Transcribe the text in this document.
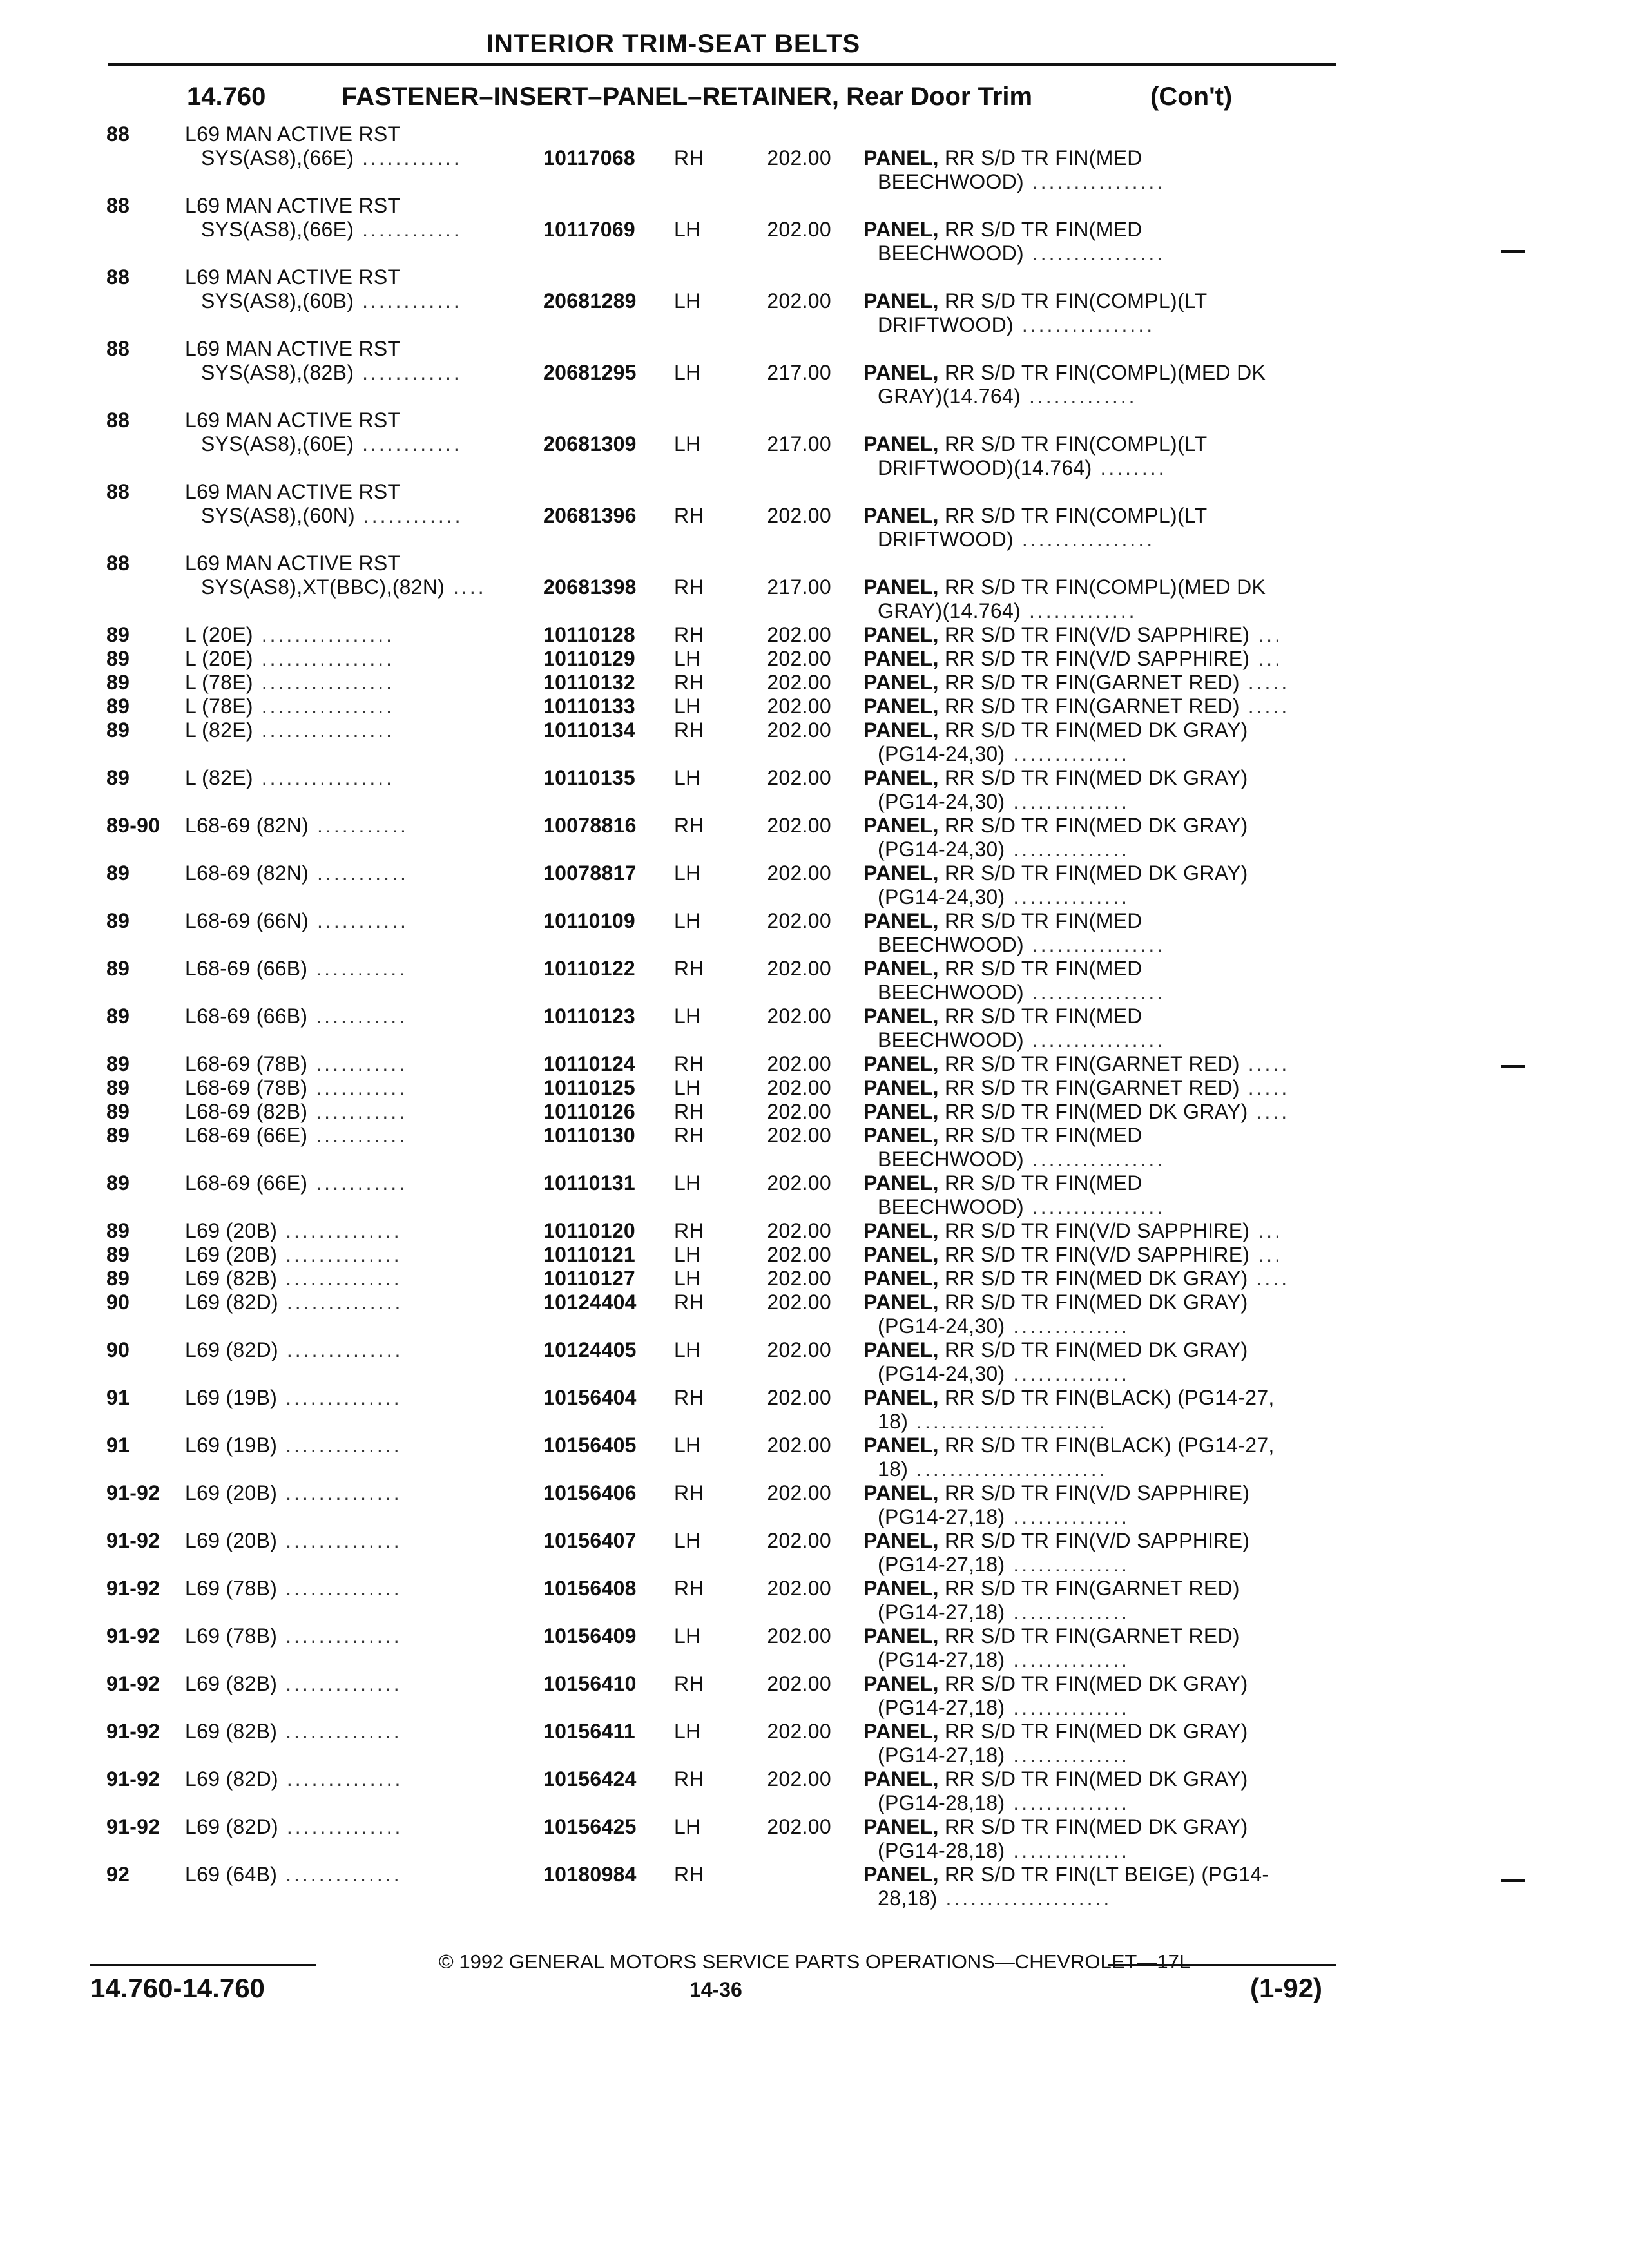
INTERIOR TRIM-SEAT BELTS
14.760	FASTENER–INSERT–PANEL–RETAINER, Rear Door Trim	(Con't)
88	L69 MAN ACTIVE RST
SYS(AS8),(66E) ............	10117068 RH	202.00 PANEL, RR S/D TR FIN(MED
BEECHWOOD) ................
88	L69 MAN ACTIVE RST
SYS(AS8),(66E) ............	10117069 LH	202.00 PANEL, RR S/D TR FIN(MED
BEECHWOOD) ................
88	L69 MAN ACTIVE RST
SYS(AS8),(60B) ............	20681289 LH	202.00 PANEL, RR S/D TR FIN(COMPL)(LT
DRIFTWOOD) ................
88	L69 MAN ACTIVE RST
SYS(AS8),(82B) ............	20681295 LH	217.00 PANEL, RR S/D TR FIN(COMPL)(MED DK
GRAY)(14.764) .............
88	L69 MAN ACTIVE RST
SYS(AS8),(60E) ............	20681309 LH	217.00 PANEL, RR S/D TR FIN(COMPL)(LT
DRIFTWOOD)(14.764) ........
88	L69 MAN ACTIVE RST
SYS(AS8),(60N) ............	20681396 RH	202.00 PANEL, RR S/D TR FIN(COMPL)(LT
DRIFTWOOD) ................
88	L69 MAN ACTIVE RST
SYS(AS8),XT(BBC),(82N) ....	20681398 RH	217.00 PANEL, RR S/D TR FIN(COMPL)(MED DK
GRAY)(14.764) .............
89	L (20E) ................	10110128 RH	202.00 PANEL, RR S/D TR FIN(V/D SAPPHIRE) ...
89	L (20E) ................	10110129 LH	202.00 PANEL, RR S/D TR FIN(V/D SAPPHIRE) ...
89	L (78E) ................	10110132 RH	202.00 PANEL, RR S/D TR FIN(GARNET RED) .....
89	L (78E) ................	10110133 LH	202.00 PANEL, RR S/D TR FIN(GARNET RED) .....
89	L (82E) ................	10110134 RH	202.00 PANEL, RR S/D TR FIN(MED DK GRAY)
(PG14-24,30) ..............
89	L (82E) ................	10110135 LH	202.00 PANEL, RR S/D TR FIN(MED DK GRAY)
(PG14-24,30) ..............
89-90 L68-69 (82N) ...........	10078816 RH	202.00 PANEL, RR S/D TR FIN(MED DK GRAY)
(PG14-24,30) ..............
89	L68-69 (82N) ...........	10078817 LH	202.00 PANEL, RR S/D TR FIN(MED DK GRAY)
(PG14-24,30) ..............
89	L68-69 (66N) ...........	10110109 LH	202.00 PANEL, RR S/D TR FIN(MED
BEECHWOOD) ................
89	L68-69 (66B) ...........	10110122 RH	202.00 PANEL, RR S/D TR FIN(MED
BEECHWOOD) ................
89	L68-69 (66B) ...........	10110123 LH	202.00 PANEL, RR S/D TR FIN(MED
BEECHWOOD) ................
89	L68-69 (78B) ...........	10110124 RH	202.00 PANEL, RR S/D TR FIN(GARNET RED) .....
89	L68-69 (78B) ...........	10110125 LH	202.00 PANEL, RR S/D TR FIN(GARNET RED) .....
89	L68-69 (82B) ...........	10110126 RH	202.00 PANEL, RR S/D TR FIN(MED DK GRAY) ....
89	L68-69 (66E) ...........	10110130 RH	202.00 PANEL, RR S/D TR FIN(MED
BEECHWOOD) ................
89	L68-69 (66E) ...........	10110131 LH	202.00 PANEL, RR S/D TR FIN(MED
BEECHWOOD) ................
89	L69 (20B) ..............	10110120 RH	202.00 PANEL, RR S/D TR FIN(V/D SAPPHIRE) ...
89	L69 (20B) ..............	10110121 LH	202.00 PANEL, RR S/D TR FIN(V/D SAPPHIRE) ...
89	L69 (82B) ..............	10110127 LH	202.00 PANEL, RR S/D TR FIN(MED DK GRAY) ....
90	L69 (82D) ..............	10124404 RH	202.00 PANEL, RR S/D TR FIN(MED DK GRAY)
(PG14-24,30) ..............
90	L69 (82D) ..............	10124405 LH	202.00 PANEL, RR S/D TR FIN(MED DK GRAY)
(PG14-24,30) ..............
91	L69 (19B) ..............	10156404 RH	202.00 PANEL, RR S/D TR FIN(BLACK) (PG14-27,
18) .......................
91	L69 (19B) ..............	10156405 LH	202.00 PANEL, RR S/D TR FIN(BLACK) (PG14-27,
18) .......................
91-92 L69 (20B) ..............	10156406 RH	202.00 PANEL, RR S/D TR FIN(V/D SAPPHIRE)
(PG14-27,18) ..............
91-92 L69 (20B) ..............	10156407 LH	202.00 PANEL, RR S/D TR FIN(V/D SAPPHIRE)
(PG14-27,18) ..............
91-92 L69 (78B) ..............	10156408 RH	202.00 PANEL, RR S/D TR FIN(GARNET RED)
(PG14-27,18) ..............
91-92 L69 (78B) ..............	10156409 LH	202.00 PANEL, RR S/D TR FIN(GARNET RED)
(PG14-27,18) ..............
91-92 L69 (82B) ..............	10156410 RH	202.00 PANEL, RR S/D TR FIN(MED DK GRAY)
(PG14-27,18) ..............
91-92 L69 (82B) ..............	10156411 LH	202.00 PANEL, RR S/D TR FIN(MED DK GRAY)
(PG14-27,18) ..............
91-92 L69 (82D) ..............	10156424 RH	202.00 PANEL, RR S/D TR FIN(MED DK GRAY)
(PG14-28,18) ..............
91-92 L69 (82D) ..............	10156425 LH	202.00 PANEL, RR S/D TR FIN(MED DK GRAY)
(PG14-28,18) ..............
92	L69 (64B) ..............	10180984 RH	PANEL, RR S/D TR FIN(LT BEIGE) (PG14-
28,18) ....................
© 1992 GENERAL MOTORS SERVICE PARTS OPERATIONS—CHEVROLET—17L
14.760-14.760	14-36	(1-92)
